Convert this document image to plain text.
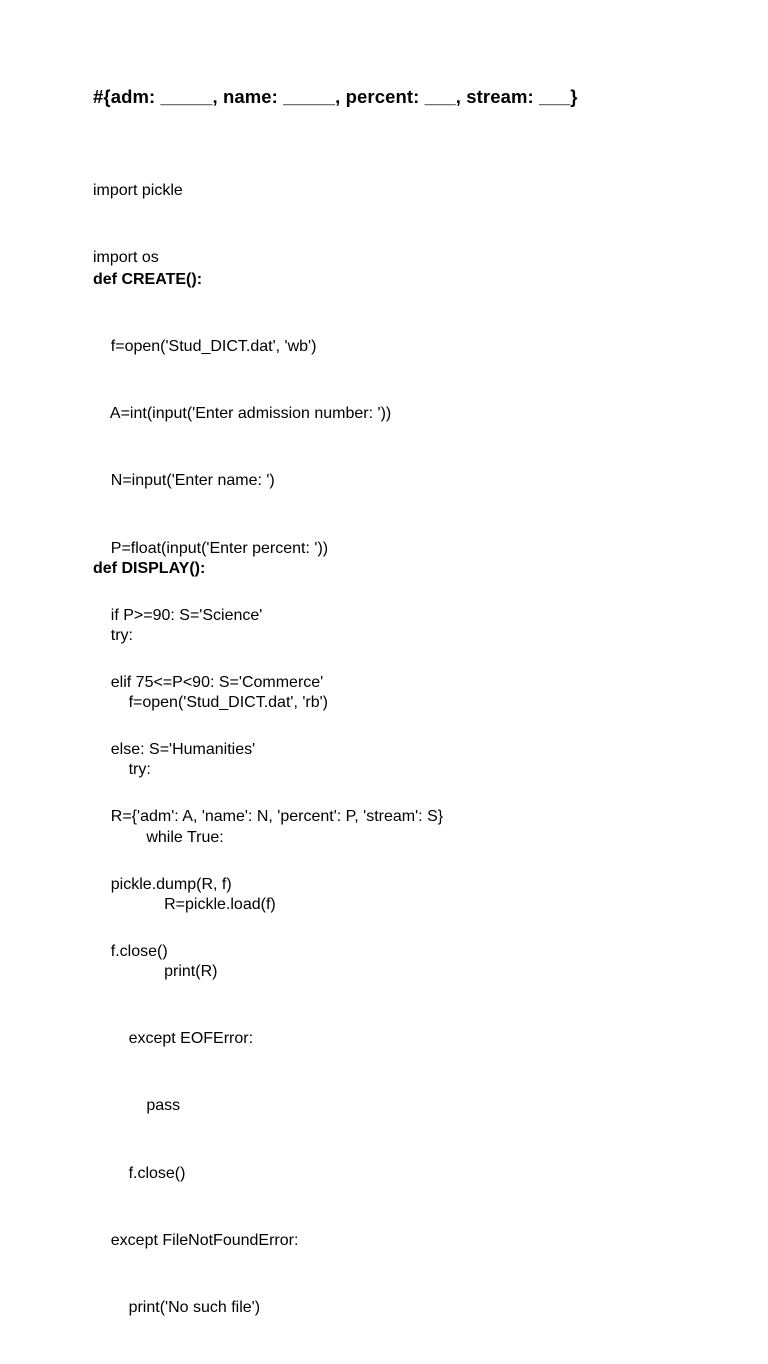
#{adm: _____, name: _____, percent: ___, stream: ___}

import pickle

import os

def CREATE():

f=open('Stud_DICT.dat', 'wb')

A=int(input('Enter admission number: '))

N=input('Enter name: ')

P=float(input('Enter percent: '))

if P>=90: S='Science'

elif 75<=P<90: S='Commerce'

else: S='Humanities'

R={'adm': A, 'name': N, 'percent': P, 'stream': S}

pickle.dump(R, f)

f.close()

def DISPLAY():

try:

f=open('Stud_DICT.dat', 'rb')

try:

while True:

R=pickle.load(f)

print(R)

except EOFError:

pass

f.close()

except FileNotFoundError:

print('No such file')
